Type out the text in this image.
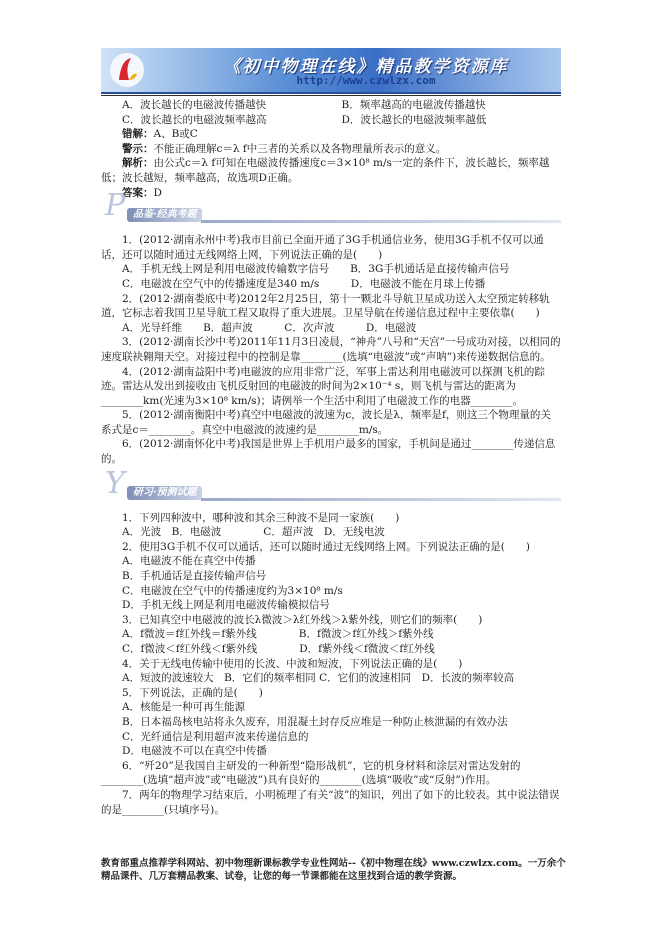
《初中物理在线》精品教学资源库
http://www.czwlzx.com
A．波长越长的电磁波传播越快	B．频率越高的电磁波传播越快
C．波长越长的电磁波频率越高	D．波长越长的电磁波频率越低

错解：A、B或C

警示：不能正确理解c＝λ f中三者的关系以及各物理量所表示的意义。

解析：由公式c＝λ f可知在电磁波传播速度c＝3×10⁸ m/s一定的条件下，波长越长，频率越低；波长越短，频率越高，故选项D正确。

答案：D

P 品鉴·经典考题

1．(2012·湖南永州中考)我市目前已全面开通了3G手机通信业务，使用3G手机不仅可以通话，还可以随时通过无线网络上网，下列说法正确的是(　　)

A．手机无线上网是利用电磁波传输数字信号　　B．3G手机通话是直接传输声信号

C．电磁波在空气中的传播速度是340 m/s　　　D．电磁波不能在月球上传播

2．(2012·湖南娄底中考)2012年2月25日，第十一颗北斗导航卫星成功送入太空预定转移轨道，它标志着我国卫星导航工程又取得了重大进展。卫星导航在传递信息过程中主要依靠(　　)

A．光导纤维　　B．超声波　　　C．次声波　　　D．电磁波

3．(2012·湖南长沙中考)2011年11月3日凌晨，“神舟”八号和“天宫”一号成功对接，以相同的速度联袂翱翔天空。对接过程中的控制是靠________(选填“电磁波”或“声呐”)来传递数据信息的。

4．(2012·湖南益阳中考)电磁波的应用非常广泛，军事上雷达利用电磁波可以探测飞机的踪迹。雷达从发出到接收由飞机反射回的电磁波的时间为2×10⁻⁴ s，则飞机与雷达的距离为________km(光速为3×10⁸ km/s)；请例举一个生活中利用了电磁波工作的电器________。

5．(2012·湖南衡阳中考)真空中电磁波的波速为c，波长是λ，频率是f，则这三个物理量的关系式是c＝________。真空中电磁波的波速约是________m/s。

6．(2012·湖南怀化中考)我国是世界上手机用户最多的国家，手机间是通过________传递信息的。

Y 研习·预测试题

1．下列四种波中，哪种波和其余三种波不是同一家族(　　)

A．光波　B．电磁波　　　　C．超声波　D．无线电波

2．使用3G手机不仅可以通话，还可以随时通过无线网络上网。下列说法正确的是(　　)

A．电磁波不能在真空中传播

B．手机通话是直接传输声信号

C．电磁波在空气中的传播速度约为3×10⁸ m/s

D．手机无线上网是利用电磁波传输模拟信号

3．已知真空中电磁波的波长λ微波＞λ红外线＞λ紫外线，则它们的频率(　　)

A．f微波＝f红外线＝f紫外线　　　　B．f微波＞f红外线＞f紫外线

C．f微波＜f红外线＜f紫外线　　　　D．f紫外线＜f微波＜f红外线

4．关于无线电传输中使用的长波、中波和短波，下列说法正确的是(　　)

A．短波的波速较大　B．它们的频率相同 C．它们的波速相同　D．长波的频率较高

5．下列说法，正确的是(　　)

A．核能是一种可再生能源

B．日本福岛核电站将永久废弃，用混凝土封存反应堆是一种防止核泄漏的有效办法

C．光纤通信是利用超声波来传递信息的

D．电磁波不可以在真空中传播

6．“歼20”是我国自主研发的一种新型“隐形战机”，它的机身材料和涂层对雷达发射的________(选填“超声波”或“电磁波”)具有良好的________(选填“吸收”或“反射”)作用。

7．两年的物理学习结束后，小明梳理了有关“波”的知识，列出了如下的比较表。其中说法错误的是________(只填序号)。

教育部重点推荐学科网站、初中物理新课标教学专业性网站--《初中物理在线》www.czwlzx.com。一万余个精品课件、几万套精品教案、试卷，让您的每一节课都能在这里找到合适的教学资源。
